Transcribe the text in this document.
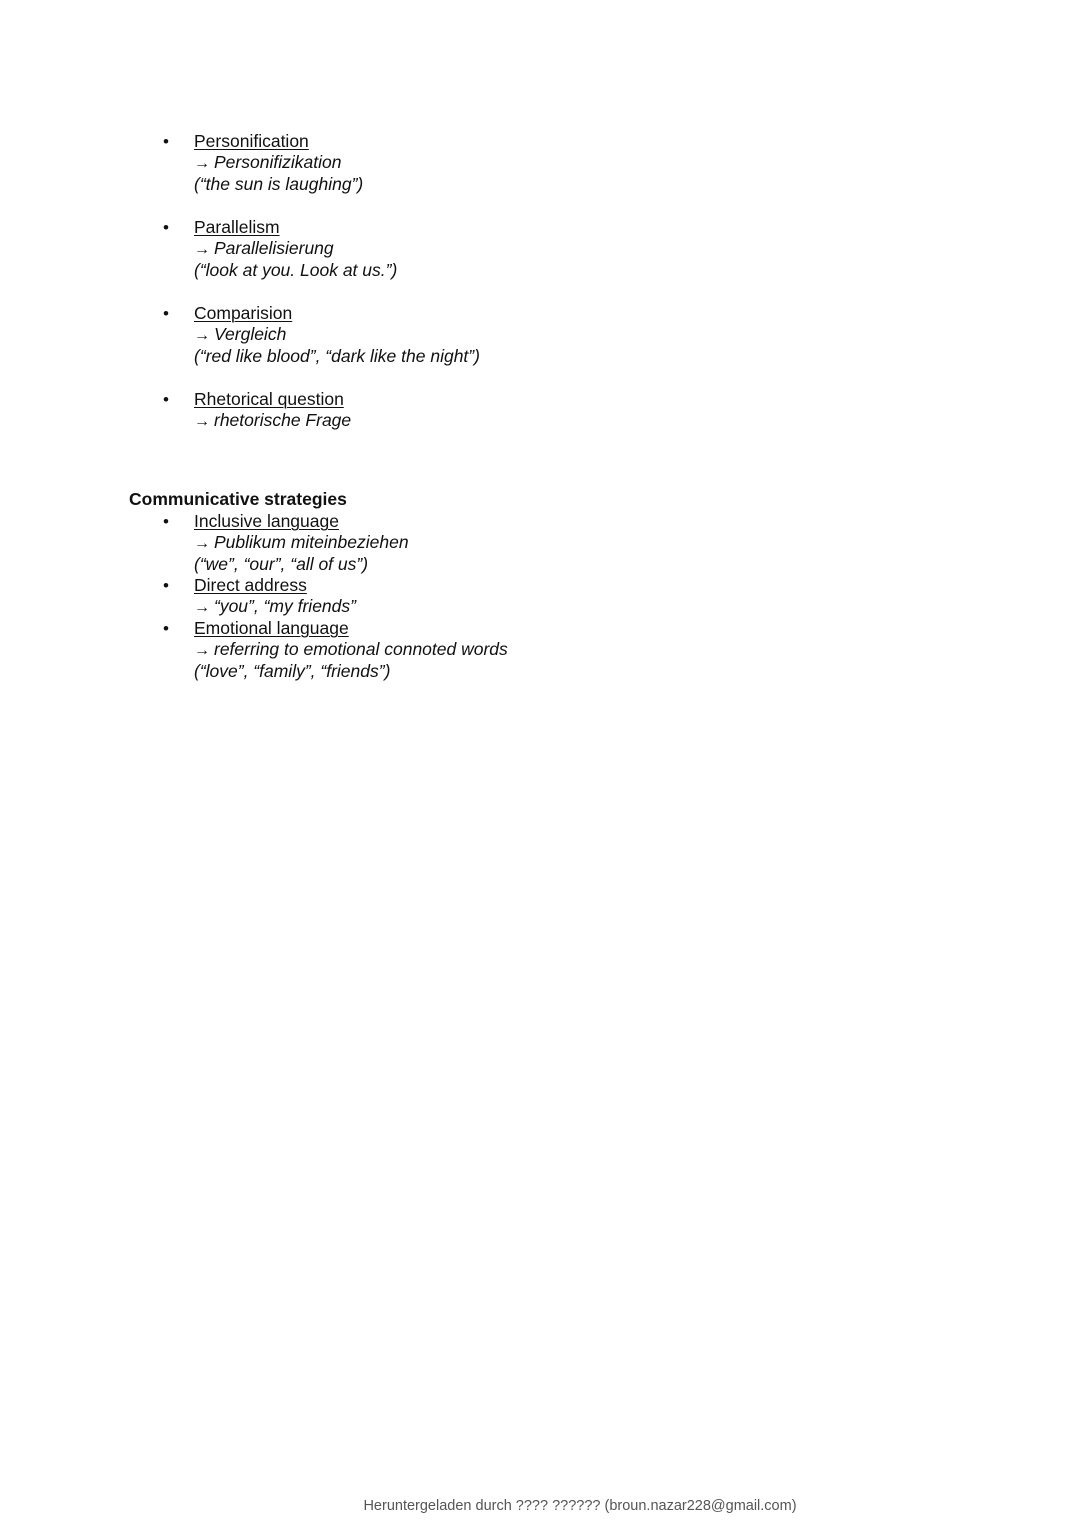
• Personification
→ Personifizikation
(“the sun is laughing”)
• Parallelism
→ Parallelisierung
(“look at you. Look at us.”)
• Comparision
→ Vergleich
(“red like blood”, “dark like the night”)
• Rhetorical question
→ rhetorische Frage
Communicative strategies
• Inclusive language
→ Publikum miteinbeziehen
(“we”, “our”, “all of us”)
• Direct address
→ “you”, “my friends”
• Emotional language
→ referring to emotional connoted words
(“love”, “family”, “friends”)
Heruntergeladen durch ???? ?????? (broun.nazar228@gmail.com)
